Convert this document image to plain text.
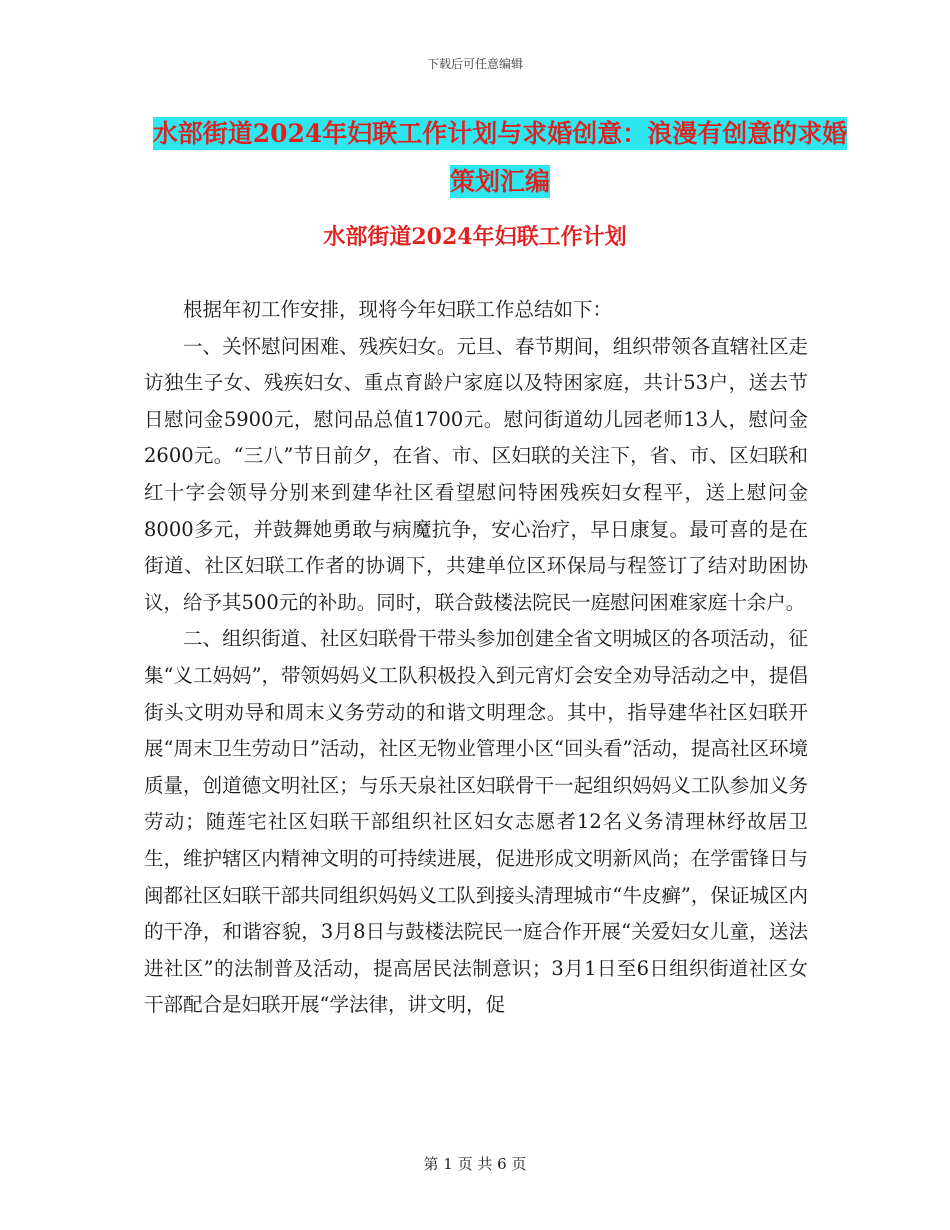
下载后可任意编辑
水部街道2024年妇联工作计划与求婚创意：浪漫有创意的求婚策划汇编
水部街道2024年妇联工作计划

根据年初工作安排，现将今年妇联工作总结如下：

一、关怀慰问困难、残疾妇女。元旦、春节期间，组织带领各直辖社区走访独生子女、残疾妇女、重点育龄户家庭以及特困家庭，共计53户，送去节日慰问金5900元，慰问品总值1700元。慰问街道幼儿园老师13人，慰问金2600元。“三八”节日前夕，在省、市、区妇联的关注下，省、市、区妇联和红十字会领导分别来到建华社区看望慰问特困残疾妇女程平，送上慰问金8000多元，并鼓舞她勇敢与病魔抗争，安心治疗，早日康复。最可喜的是在街道、社区妇联工作者的协调下，共建单位区环保局与程签订了结对助困协议，给予其500元的补助。同时，联合鼓楼法院民一庭慰问困难家庭十余户。

二、组织街道、社区妇联骨干带头参加创建全省文明城区的各项活动，征集“义工妈妈”，带领妈妈义工队积极投入到元宵灯会安全劝导活动之中，提倡街头文明劝导和周末义务劳动的和谐文明理念。其中，指导建华社区妇联开展“周末卫生劳动日”活动，社区无物业管理小区“回头看”活动，提高社区环境质量，创道德文明社区；与乐天泉社区妇联骨干一起组织妈妈义工队参加义务劳动；随莲宅社区妇联干部组织社区妇女志愿者12名义务清理林纾故居卫生，维护辖区内精神文明的可持续进展，促进形成文明新风尚；在学雷锋日与闽都社区妇联干部共同组织妈妈义工队到接头清理城市“牛皮癣”，保证城区内的干净，和谐容貌，3月8日与鼓楼法院民一庭合作开展“关爱妇女儿童，送法进社区”的法制普及活动，提高居民法制意识；3月1日至6日组织街道社区女干部配合是妇联开展“学法律，讲文明，促

第 1 页 共 6 页
